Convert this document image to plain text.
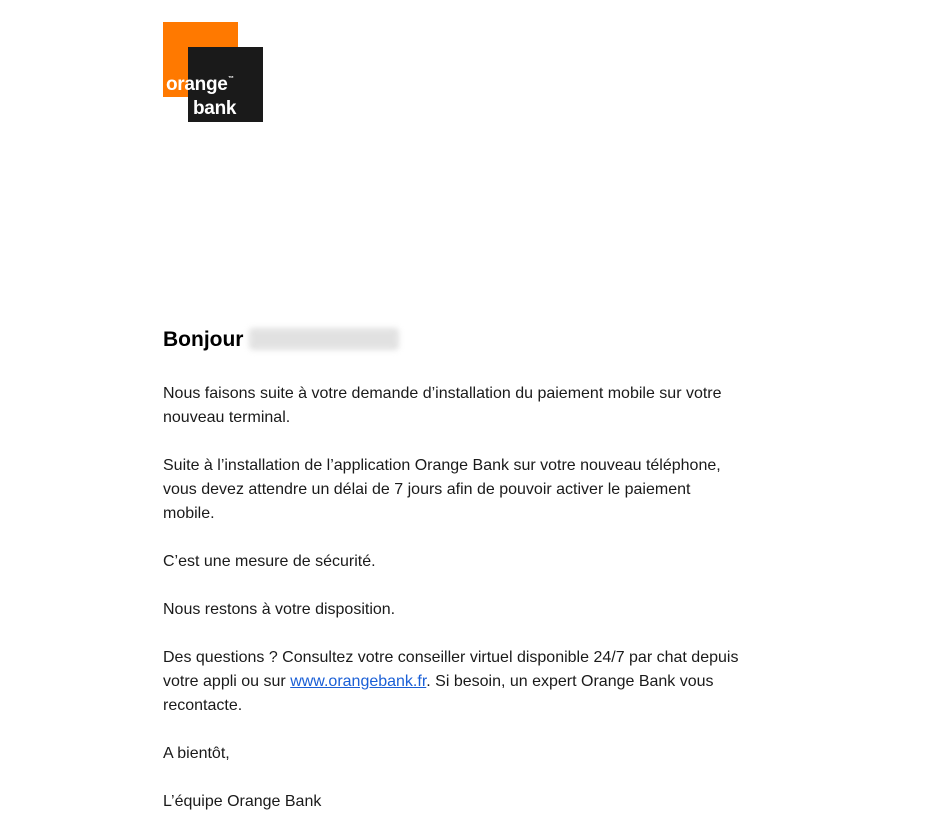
orange ™
bank
Bonjour

Nous faisons suite à votre demande d’installation du paiement mobile sur votre nouveau terminal.

Suite à l’installation de l’application Orange Bank sur votre nouveau téléphone, vous devez attendre un délai de 7 jours afin de pouvoir activer le paiement mobile.

C’est une mesure de sécurité.

Nous restons à votre disposition.

Des questions ? Consultez votre conseiller virtuel disponible 24/7 par chat depuis votre appli ou sur www.orangebank.fr. Si besoin, un expert Orange Bank vous recontacte.

A bientôt,

L’équipe Orange Bank
